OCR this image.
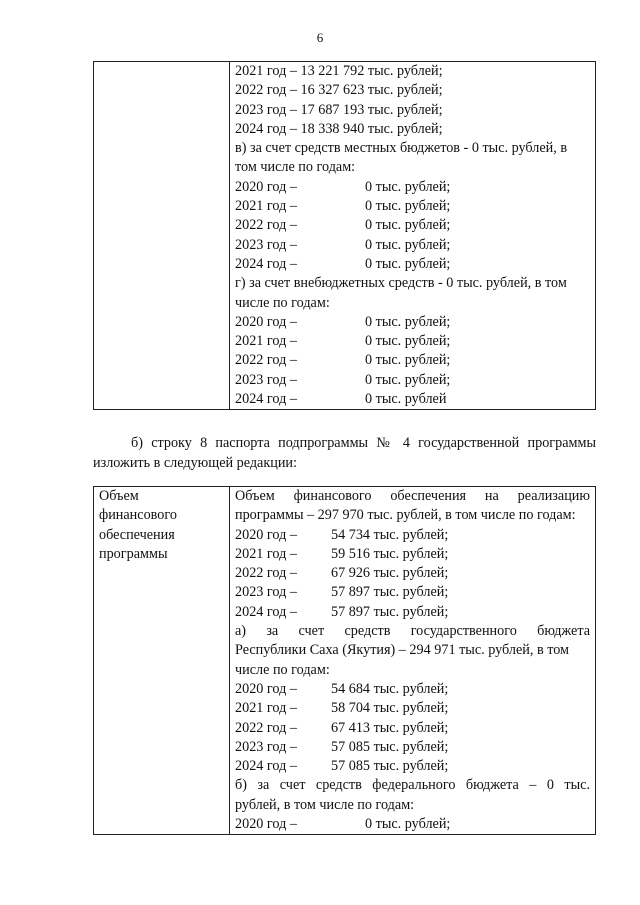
6

2021 год – 13 221 792 тыс. рублей;
2022 год – 16 327 623 тыс. рублей;
2023 год – 17 687 193 тыс. рублей;
2024 год – 18 338 940 тыс. рублей;
в) за счет средств местных бюджетов - 0 тыс. рублей, в
том числе по годам:
2020 год –	0 тыс. рублей;
2021 год –	0 тыс. рублей;
2022 год –	0 тыс. рублей;
2023 год –	0 тыс. рублей;
2024 год –	0 тыс. рублей;
г) за счет внебюджетных средств - 0 тыс. рублей, в том
числе по годам:
2020 год –	0 тыс. рублей;
2021 год –	0 тыс. рублей;
2022 год –	0 тыс. рублей;
2023 год –	0 тыс. рублей;
2024 год –	0 тыс. рублей
б) строку 8 паспорта подпрограммы № 4 государственной программы
изложить в следующей редакции:
Объем
финансового
обеспечения
программы

Объем финансового обеспечения на реализацию
программы – 297 970 тыс. рублей, в том числе по годам:
2020 год – 54 734 тыс. рублей;
2021 год – 59 516 тыс. рублей;
2022 год – 67 926 тыс. рублей;
2023 год – 57 897 тыс. рублей;
2024 год – 57 897 тыс. рублей;
а) за счет средств государственного бюджета
Республики Саха (Якутия) – 294 971 тыс. рублей, в том
числе по годам:
2020 год – 54 684 тыс. рублей;
2021 год – 58 704 тыс. рублей;
2022 год – 67 413 тыс. рублей;
2023 год – 57 085 тыс. рублей;
2024 год – 57 085 тыс. рублей;
б) за счет средств федерального бюджета – 0 тыс.
рублей, в том числе по годам:
2020 год –	0 тыс. рублей;
